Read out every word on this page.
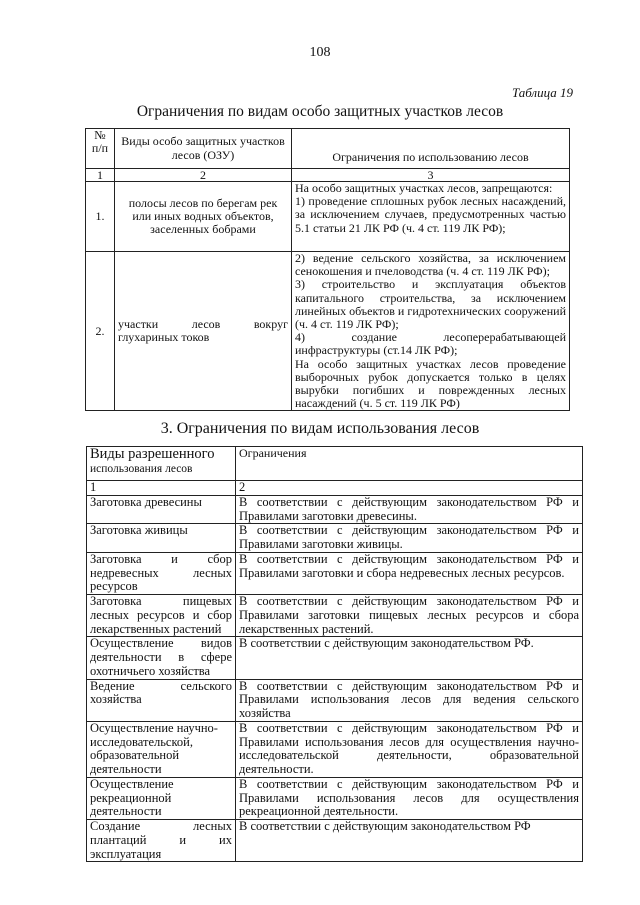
108
Таблица 19
Ограничения по видам особо защитных участков лесов
№ п/п	Виды особо защитных участков лесов (ОЗУ)	Ограничения по использованию лесов
1	2	3
1.	полосы лесов по берегам рек или иных водных объектов, заселенных бобрами	На особо защитных участках лесов, запрещаются:
1) проведение сплошных рубок лесных насаждений, за исключением случаев, предусмотренных частью 5.1 статьи 21 ЛК РФ (ч. 4 ст. 119 ЛК РФ);

2.	участки лесов вокруг глухариных токов	2) ведение сельского хозяйства, за исключением сенокошения и пчеловодства (ч. 4 ст. 119 ЛК РФ);
3) строительство и эксплуатация объектов капитального строительства, за исключением линейных объектов и гидротехнических сооружений (ч. 4 ст. 119 ЛК РФ);
4) создание лесоперерабатывающей инфраструктуры (ст.14 ЛК РФ);
На особо защитных участках лесов проведение выборочных рубок допускается только в целях вырубки погибших и поврежденных лесных насаждений (ч. 5 ст. 119 ЛК РФ)
3. Ограничения по видам использования лесов
Виды разрешенного
использования лесов	Ограничения
1	2
Заготовка древесины	В соответствии с действующим законодательством РФ и Правилами заготовки древесины.
Заготовка живицы	В соответствии с действующим законодательством РФ и Правилами заготовки живицы.
Заготовка и сбор недревесных лесных ресурсов	В соответствии с действующим законодательством РФ и Правилами заготовки и сбора недревесных лесных ресурсов.
Заготовка пищевых лесных ресурсов и сбор лекарственных растений	В соответствии с действующим законодательством РФ и Правилами заготовки пищевых лесных ресурсов и сбора лекарственных растений.
Осуществление видов деятельности в сфере охотничьего хозяйства	В соответствии с действующим законодательством РФ.
Ведение сельского хозяйства	В соответствии с действующим законодательством РФ и Правилами использования лесов для ведения сельского хозяйства
Осуществление научно-исследовательской, образовательной деятельности	В соответствии с действующим законодательством РФ и Правилами использования лесов для осуществления научно-исследовательской деятельности, образовательной деятельности.
Осуществление рекреационной деятельности	В соответствии с действующим законодательством РФ и Правилами использования лесов для осуществления рекреационной деятельности.
Создание лесных плантаций и их эксплуатация	В соответствии с действующим законодательством РФ
